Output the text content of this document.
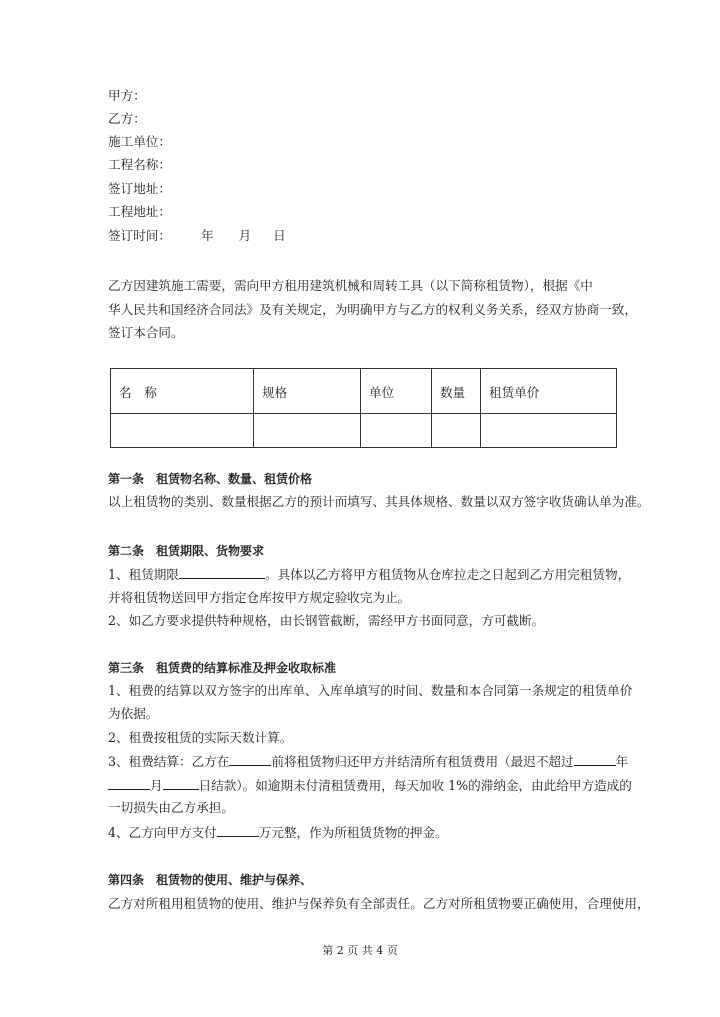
甲方：
乙方：
施工单位：
工程名称：
签订地址：
工程地址：
签订时间： 年 月 日
乙方因建筑施工需要，需向甲方租用建筑机械和周转工具（以下简称租赁物），根据《中
华人民共和国经济合同法》及有关规定，为明确甲方与乙方的权利义务关系，经双方协商一致，
签订本合同。
名　称	规格	单位	数量	租赁单价

第一条　租赁物名称、数量、租赁价格
以上租赁物的类别、数量根据乙方的预计而填写、其具体规格、数量以双方签字收货确认单为准。
第二条　租赁期限、货物要求
1、租赁期限	。具体以乙方将甲方租赁物从仓库拉走之日起到乙方用完租赁物，
并将租赁物送回甲方指定仓库按甲方规定验收完为止。
2、如乙方要求提供特种规格，由长钢管截断，需经甲方书面同意，方可截断。
第三条　租赁费的结算标准及押金收取标准
1、租费的结算以双方签字的出库单、入库单填写的时间、数量和本合同第一条规定的租赁单价
为依据。
2、租费按租赁的实际天数计算。
3、租费结算：乙方在	前将租赁物归还甲方并结清所有租赁费用（最迟不超过	年
月	日结款）。如逾期未付清租赁费用，每天加收 1%的滞纳金，由此给甲方造成的
一切损失由乙方承担。
4、乙方向甲方支付	万元整，作为所租赁货物的押金。
第四条　租赁物的使用、维护与保养、
乙方对所租用租赁物的使用、维护与保养负有全部责任。乙方对所租赁物要正确使用，合理使用，
第 2 页 共 4 页
